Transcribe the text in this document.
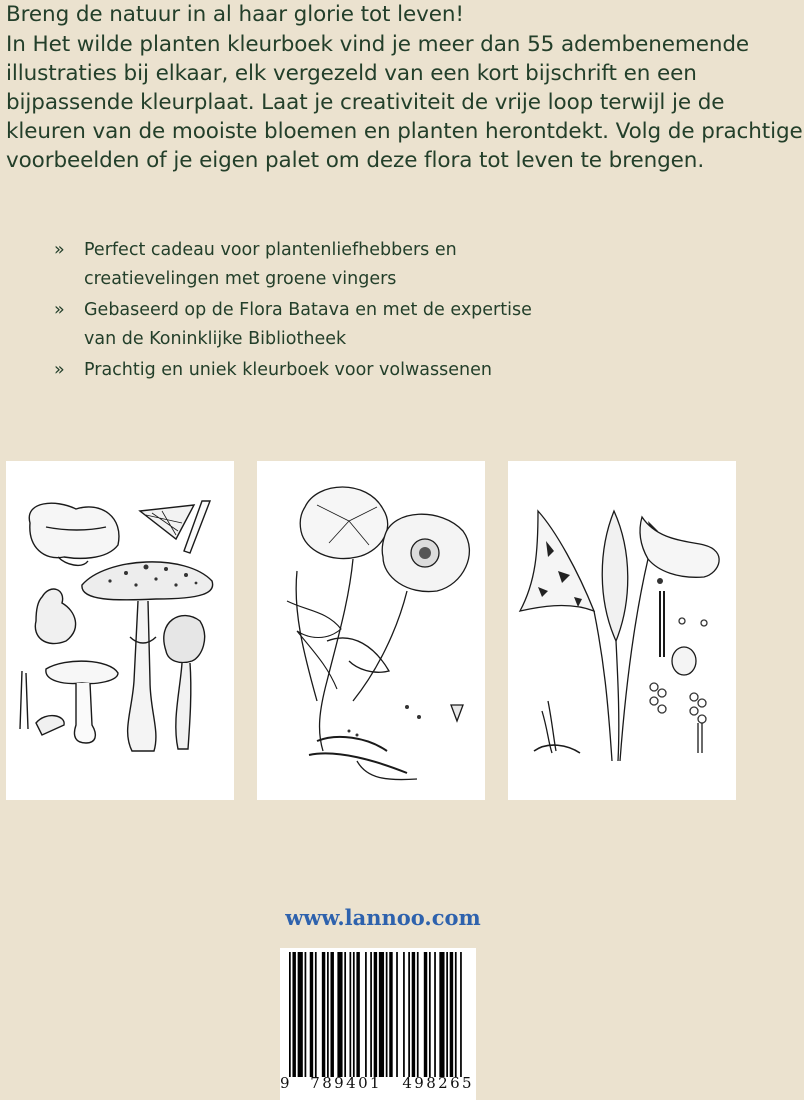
Breng de natuur in al haar glorie tot leven!

In Het wilde planten kleurboek vind je meer dan 55 adembenemende

illustraties bij elkaar, elk vergezeld van een kort bijschrift en een

bijpassende kleurplaat. Laat je creativiteit de vrije loop terwijl je de

kleuren van de mooiste bloemen en planten herontdekt. Volg de prachtige

voorbeelden of je eigen palet om deze flora tot leven te brengen.

» Perfect cadeau voor plantenliefhebbers en
creatievelingen met groene vingers
» Gebaseerd op de Flora Batava en met de expertise
van de Koninklijke Bibliotheek
» Prachtig en uniek kleurboek voor volwassenen
www.lannoo.com
9 789401 498265
